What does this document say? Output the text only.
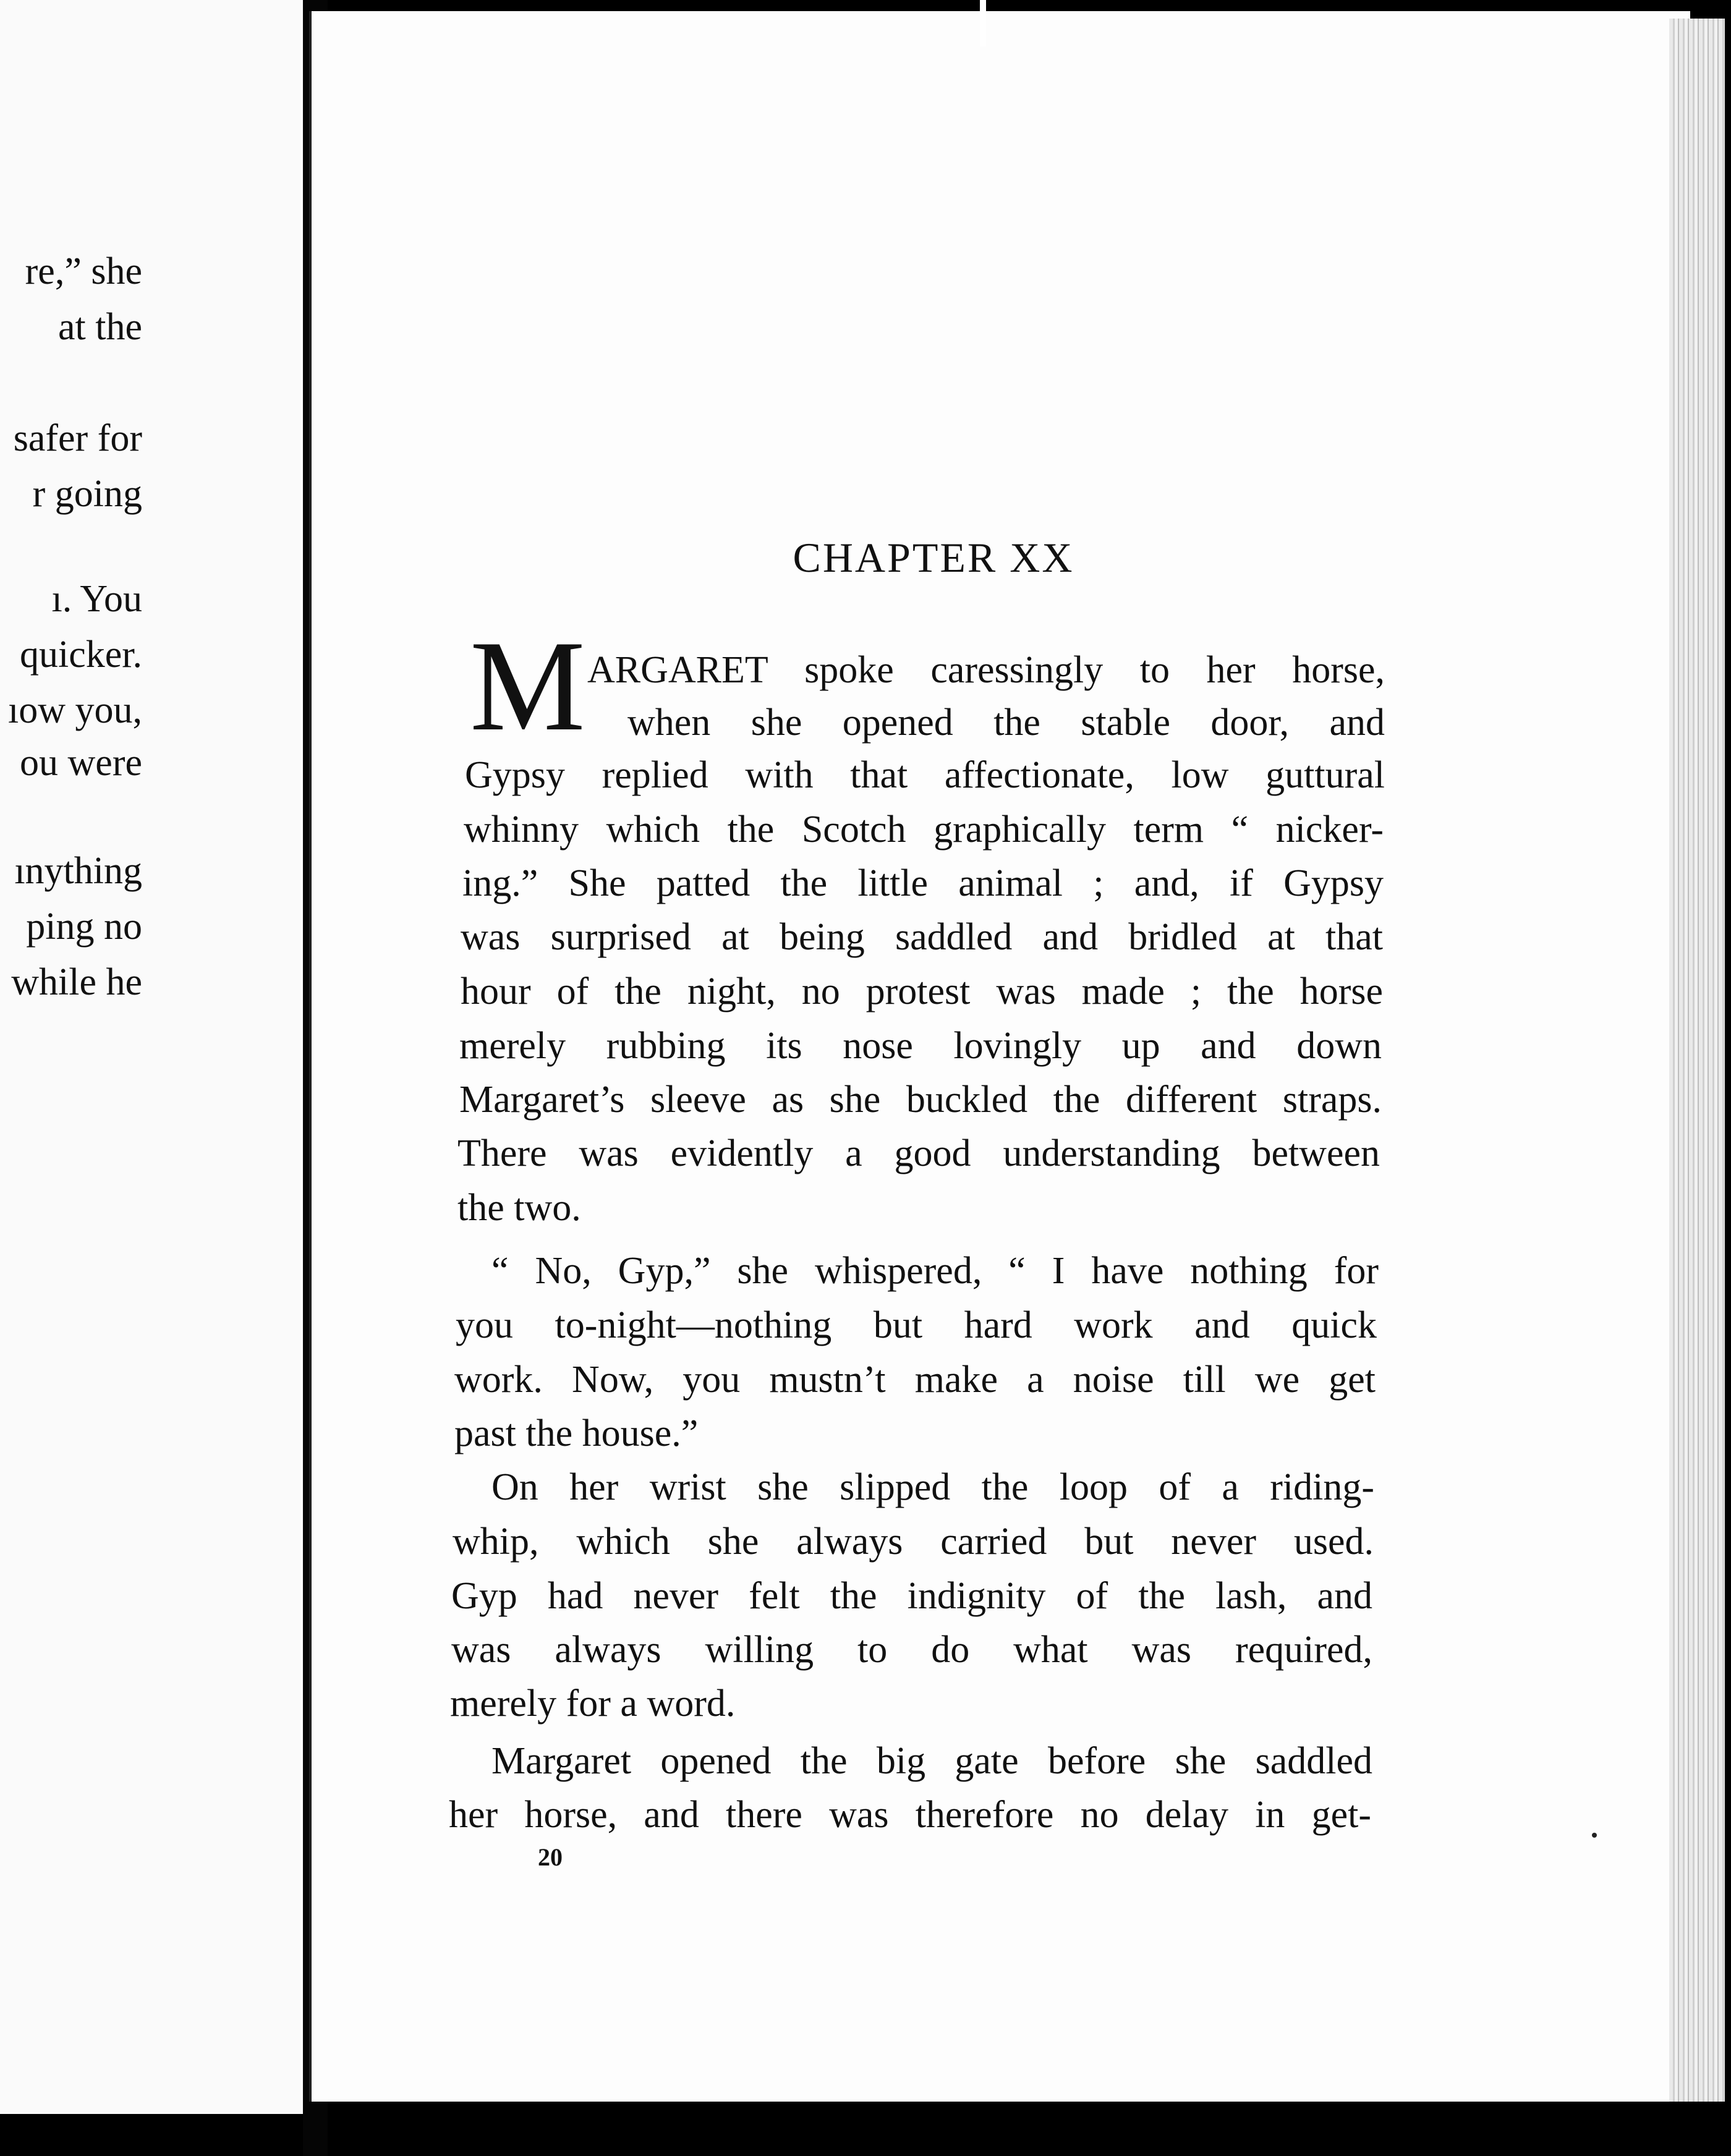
re,” she
⁠⁠ at the
safer for
r going
ı. You
quicker.
ıow you,
ou were
ınything
ping no
while he
CHAPTER XX
M ARGARET spoke caressingly to her horse,
when she opened the stable door, and
Gypsy replied with that affectionate, low guttural
whinny which the Scotch graphically term “ nicker-
ing.” She patted the little animal ; and, if Gypsy
was surprised at being saddled and bridled at that
hour of the night, no protest was made ; the horse
merely rubbing its nose lovingly up and down
Margaret’s sleeve as she buckled the different straps.
There was evidently a good understanding between
the two.
“ No, Gyp,” she whispered, “ I have nothing for
you to-night—nothing but hard work and quick
work. Now, you mustn’t make a noise till we get
past the house.”
On her wrist she slipped the loop of a riding-
whip, which she always carried but never used.
Gyp had never felt the indignity of the lash, and
was always willing to do what was required,
merely for a word.
Margaret opened the big gate before she saddled
her horse, and there was therefore no delay in get-
20
